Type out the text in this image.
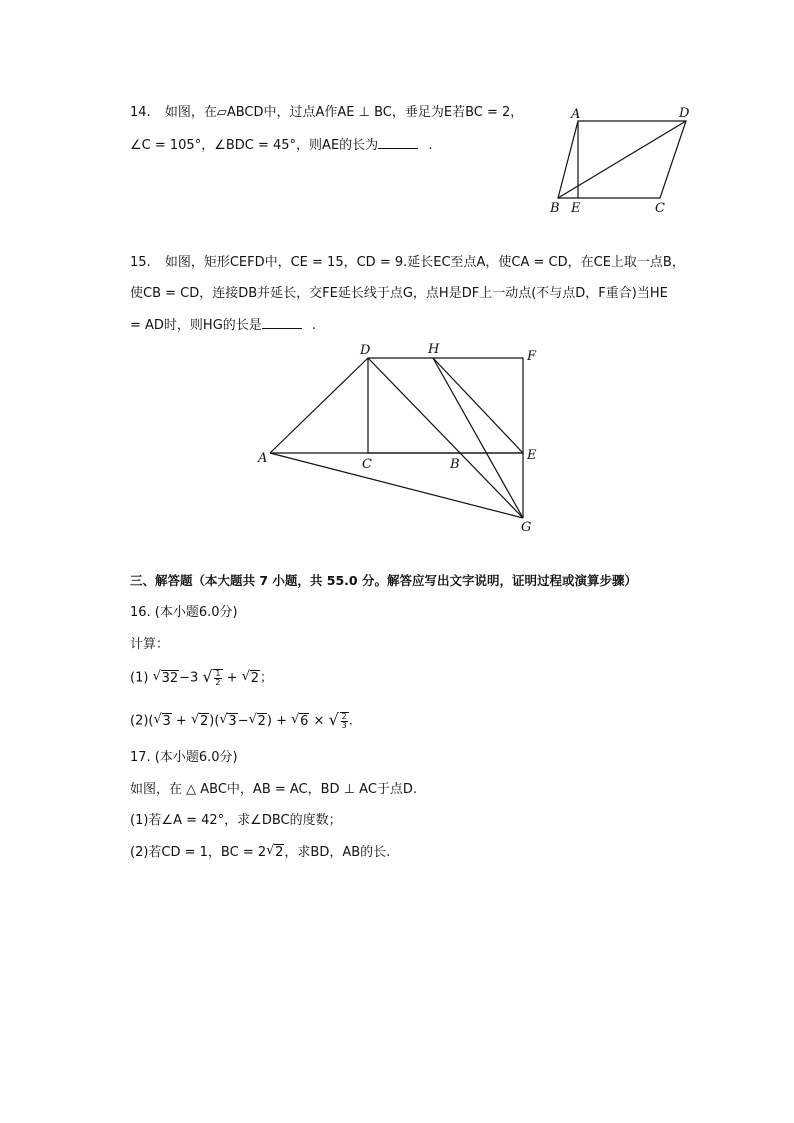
14. 如图，在▱ABCD中，过点A作AE ⊥ BC，垂足为E若BC = 2，
∠C = 105°，∠BDC = 45°，则AE的长为	.
A	D
B E	C
15. 如图，矩形CEFD中，CE = 15，CD = 9.延长EC至点A，使CA = CD，在CE上取一点B，
使CB = CD，连接DB并延长，交FE延长线于点G，点H是DF上一动点(不与点D，F重合)当HE
= AD时，则HG的长是	.
D	H	F
A	C	B
E
G
三、解答题（本大题共 7 小题，共 55.0 分。解答应写出文字说明，证明过程或演算步骤）
16. (本小题6.0分)
计算：
(1) √ 32−3 √ $\frac{1}{2}$ + √ 2；
(2)( √ 3 + √ 2)( √ 3− √ 2) + √ 6 × √ $\frac{2}{3}$ .
17. (本小题6.0分)
如图，在 △ ABC中，AB = AC，BD ⊥ AC于点D.
(1)若∠A = 42°，求∠DBC的度数；
(2)若CD = 1，BC = 2 √ 2，求BD，AB的长.
